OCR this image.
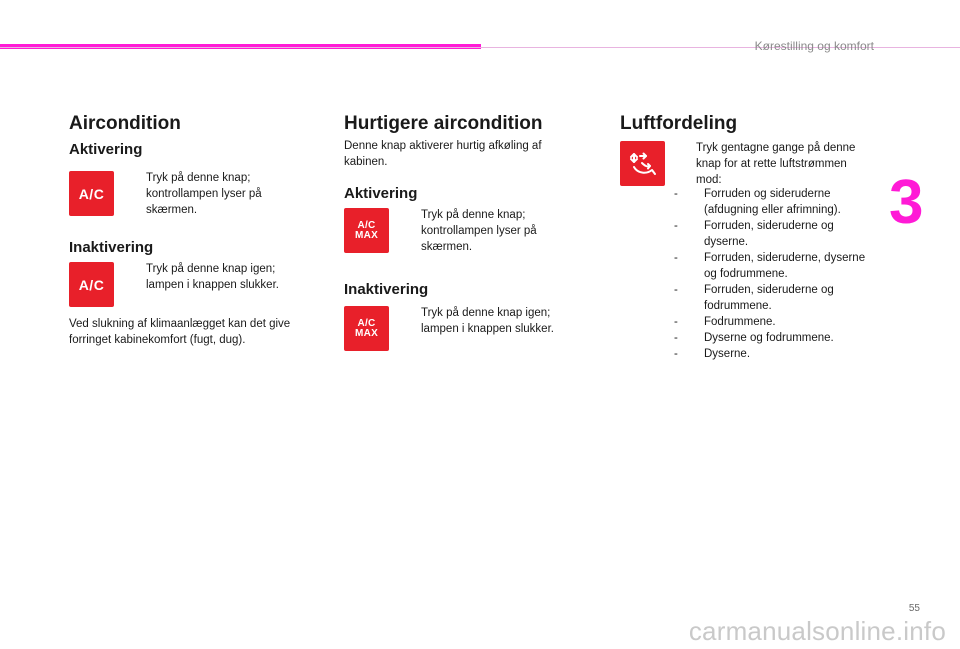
Kørestilling og komfort
3
Aircondition
Aktivering
A/C
Tryk på denne knap; kontrollampen lyser på skærmen.
Inaktivering
A/C
Tryk på denne knap igen; lampen i knappen slukker.
Ved slukning af klimaanlægget kan det give forringet kabinekomfort (fugt, dug).
Hurtigere aircondition
Denne knap aktiverer hurtig afkøling af kabinen.
Aktivering
A/C
MAX
Tryk på denne knap; kontrollampen lyser på skærmen.
Inaktivering
A/C
MAX
Tryk på denne knap igen; lampen i knappen slukker.
Luftfordeling
Tryk gentagne gange på denne knap for at rette luftstrømmen mod:
- Forruden og sideruderne (afdugning eller afrimning).
- Forruden, sideruderne og dyserne.
- Forruden, sideruderne, dyserne og fodrummene.
- Forruden, sideruderne og fodrummene.
- Fodrummene.
- Dyserne og fodrummene.
- Dyserne.
55
carmanualsonline.info
